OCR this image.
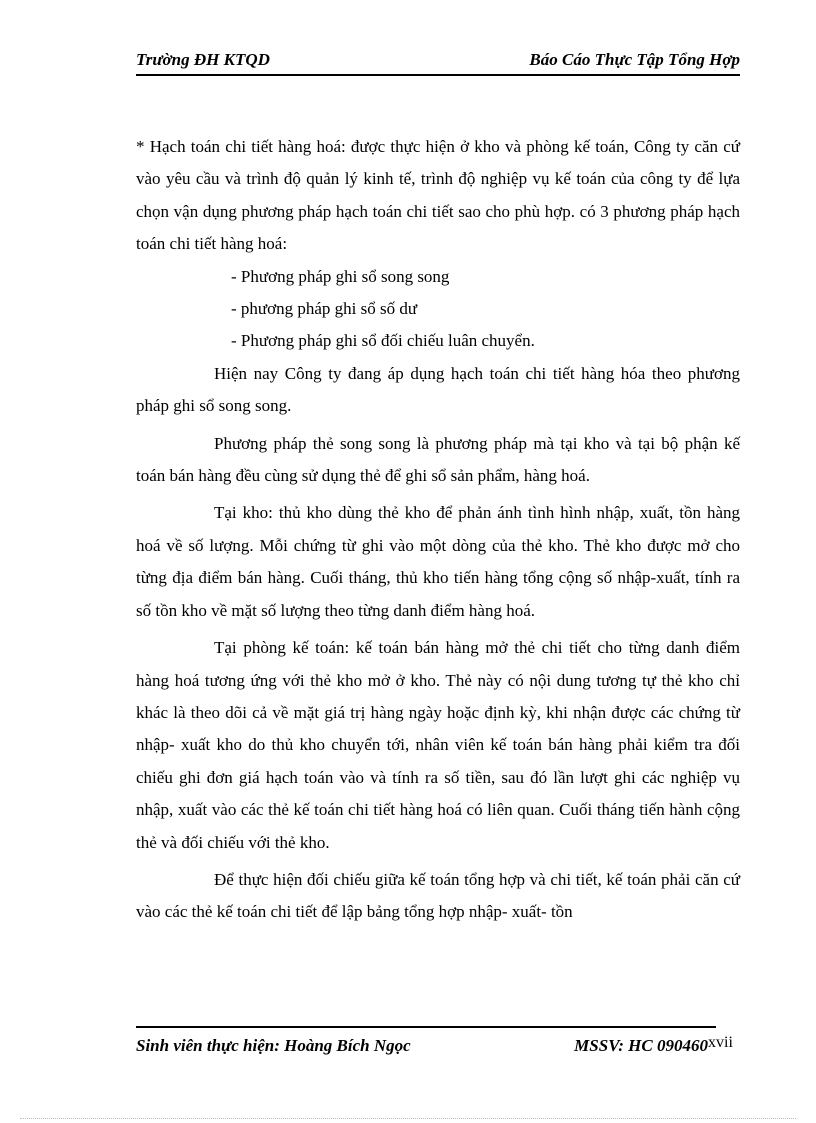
Trường ĐH KTQD	Báo Cáo Thực Tập Tổng Hợp

* Hạch toán chi tiết hàng hoá: được thực hiện ở kho và phòng kế toán, Công ty căn cứ vào yêu cầu và trình độ quản lý kinh tế, trình độ nghiệp vụ kế toán của công ty để lựa chọn vận dụng phương pháp hạch toán chi tiết sao cho phù hợp. có 3 phương pháp hạch toán chi tiết hàng hoá:

- Phương pháp ghi sổ song song

- phương pháp ghi sổ số dư

- Phương pháp ghi sổ đối chiếu luân chuyển.

Hiện nay Công ty đang áp dụng hạch toán chi tiết hàng hóa theo phương pháp ghi sổ song song.

Phương pháp thẻ song song là phương pháp mà tại kho và tại bộ phận kế toán bán hàng đều cùng sử dụng thẻ để ghi sổ sản phẩm, hàng hoá.

Tại kho: thủ kho dùng thẻ kho để phản ánh tình hình nhập, xuất, tồn hàng hoá về số lượng. Mỗi chứng từ ghi vào một dòng của thẻ kho. Thẻ kho được mở cho từng địa điểm bán hàng. Cuối tháng, thủ kho tiến hàng tổng cộng số nhập-xuất, tính ra số tồn kho về mặt số lượng theo từng danh điểm hàng hoá.

Tại phòng kế toán: kế toán bán hàng mở thẻ chi tiết cho từng danh điểm hàng hoá tương ứng với thẻ kho mở ở kho. Thẻ này có nội dung tương tự thẻ kho chỉ khác là theo dõi cả về mặt giá trị hàng ngày hoặc định kỳ, khi nhận được các chứng từ nhập- xuất kho do thủ kho chuyển tới, nhân viên kế toán bán hàng phải kiểm tra đối chiếu ghi đơn giá hạch toán vào và tính ra số tiền, sau đó lần lượt ghi các nghiệp vụ nhập, xuất vào các thẻ kế toán chi tiết hàng hoá có liên quan. Cuối tháng tiến hành cộng thẻ và đối chiếu với thẻ kho.

Để thực hiện đối chiếu giữa kế toán tổng hợp và chi tiết, kế toán phải căn cứ vào các thẻ kế toán chi tiết để lập bảng tổng hợp nhập- xuất- tồn

Sinh viên thực hiện: Hoàng Bích Ngọc	MSSV: HC 090460 xvii
